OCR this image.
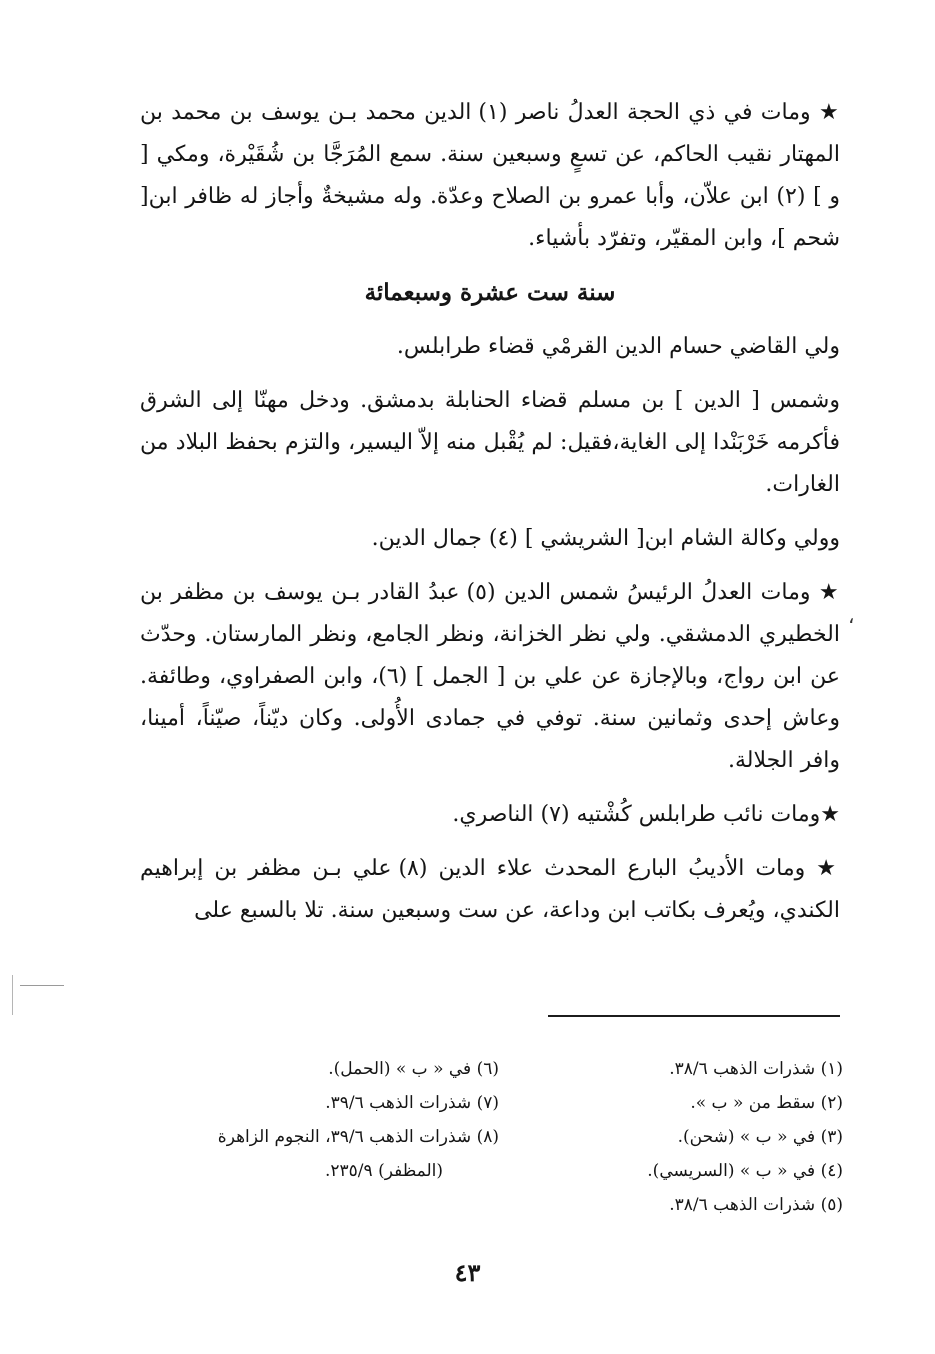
★ ومات في ذي الحجة العدلُ ناصر (١) الدين محمد بـن يوسف بن محمد بن المهتار نقيب الحاكم، عن تسعٍ وسبعين سنة. سمع المُرَجَّا بن شُقَيْرة، ومكي [ و ] (٢) ابن علاّن، وأبا عمرو بن الصلاح وعدّة. وله مشيخةٌ وأجاز له ظافر ابن[ شحم ]، وابن المقيّر، وتفرّد بأشياء.

سنة ست عشرة وسبعمائة

ولي القاضي حسام الدين القرمْي قضاء طرابلس.

وشمس [ الدين ] بن مسلم قضاء الحنابلة بدمشق. ودخل مهنّا إلى الشرق فأكرمه خَرْبَنْدا إلى الغاية،فقيل: لم يُقْبل منه إلاّ اليسير، والتزم بحفظ البلاد من الغارات.

وولي وكالة الشام ابن[ الشريشي ] (٤) جمال الدين.

★ ومات العدلُ الرئيسُ شمس الدين (٥) عبدُ القادر بـن يوسف بن مظفر بن الخطيري الدمشقي. ولي نظر الخزانة، ونظر الجامع، ونظر المارستان. وحدّث عن ابن رواج، وبالإجازة عن علي بن [ الجمل ] (٦)، وابن الصفراوي، وطائفة. وعاش إحدى وثمانين سنة. توفي في جمادى الأُولى. وكان ديّناً، صيّناً، أمينا، وافر الجلالة.

★ومات نائب طرابلس كُشْتيه (٧) الناصري.

★ ومات الأديبُ البارع المحدث علاء الدين (٨) علي بـن مظفر بن إبراهيم الكندي، ويُعرف بكاتب ابن وداعة، عن ست وسبعين سنة. تلا بالسبع على

،
(١) شذرات الذهب ٣٨/٦.
(٢) سقط من « ب ».
(٣) في « ب » (شحن).
(٤) في « ب » (السريسي).
(٥) شذرات الذهب ٣٨/٦.
(٦) في « ب » (الحمل).
(٧) شذرات الذهب ٣٩/٦.
(٨) شذرات الذهب ٣٩/٦، النجوم الزاهرة
(المظفر) ٢٣٥/٩.
٤٣
